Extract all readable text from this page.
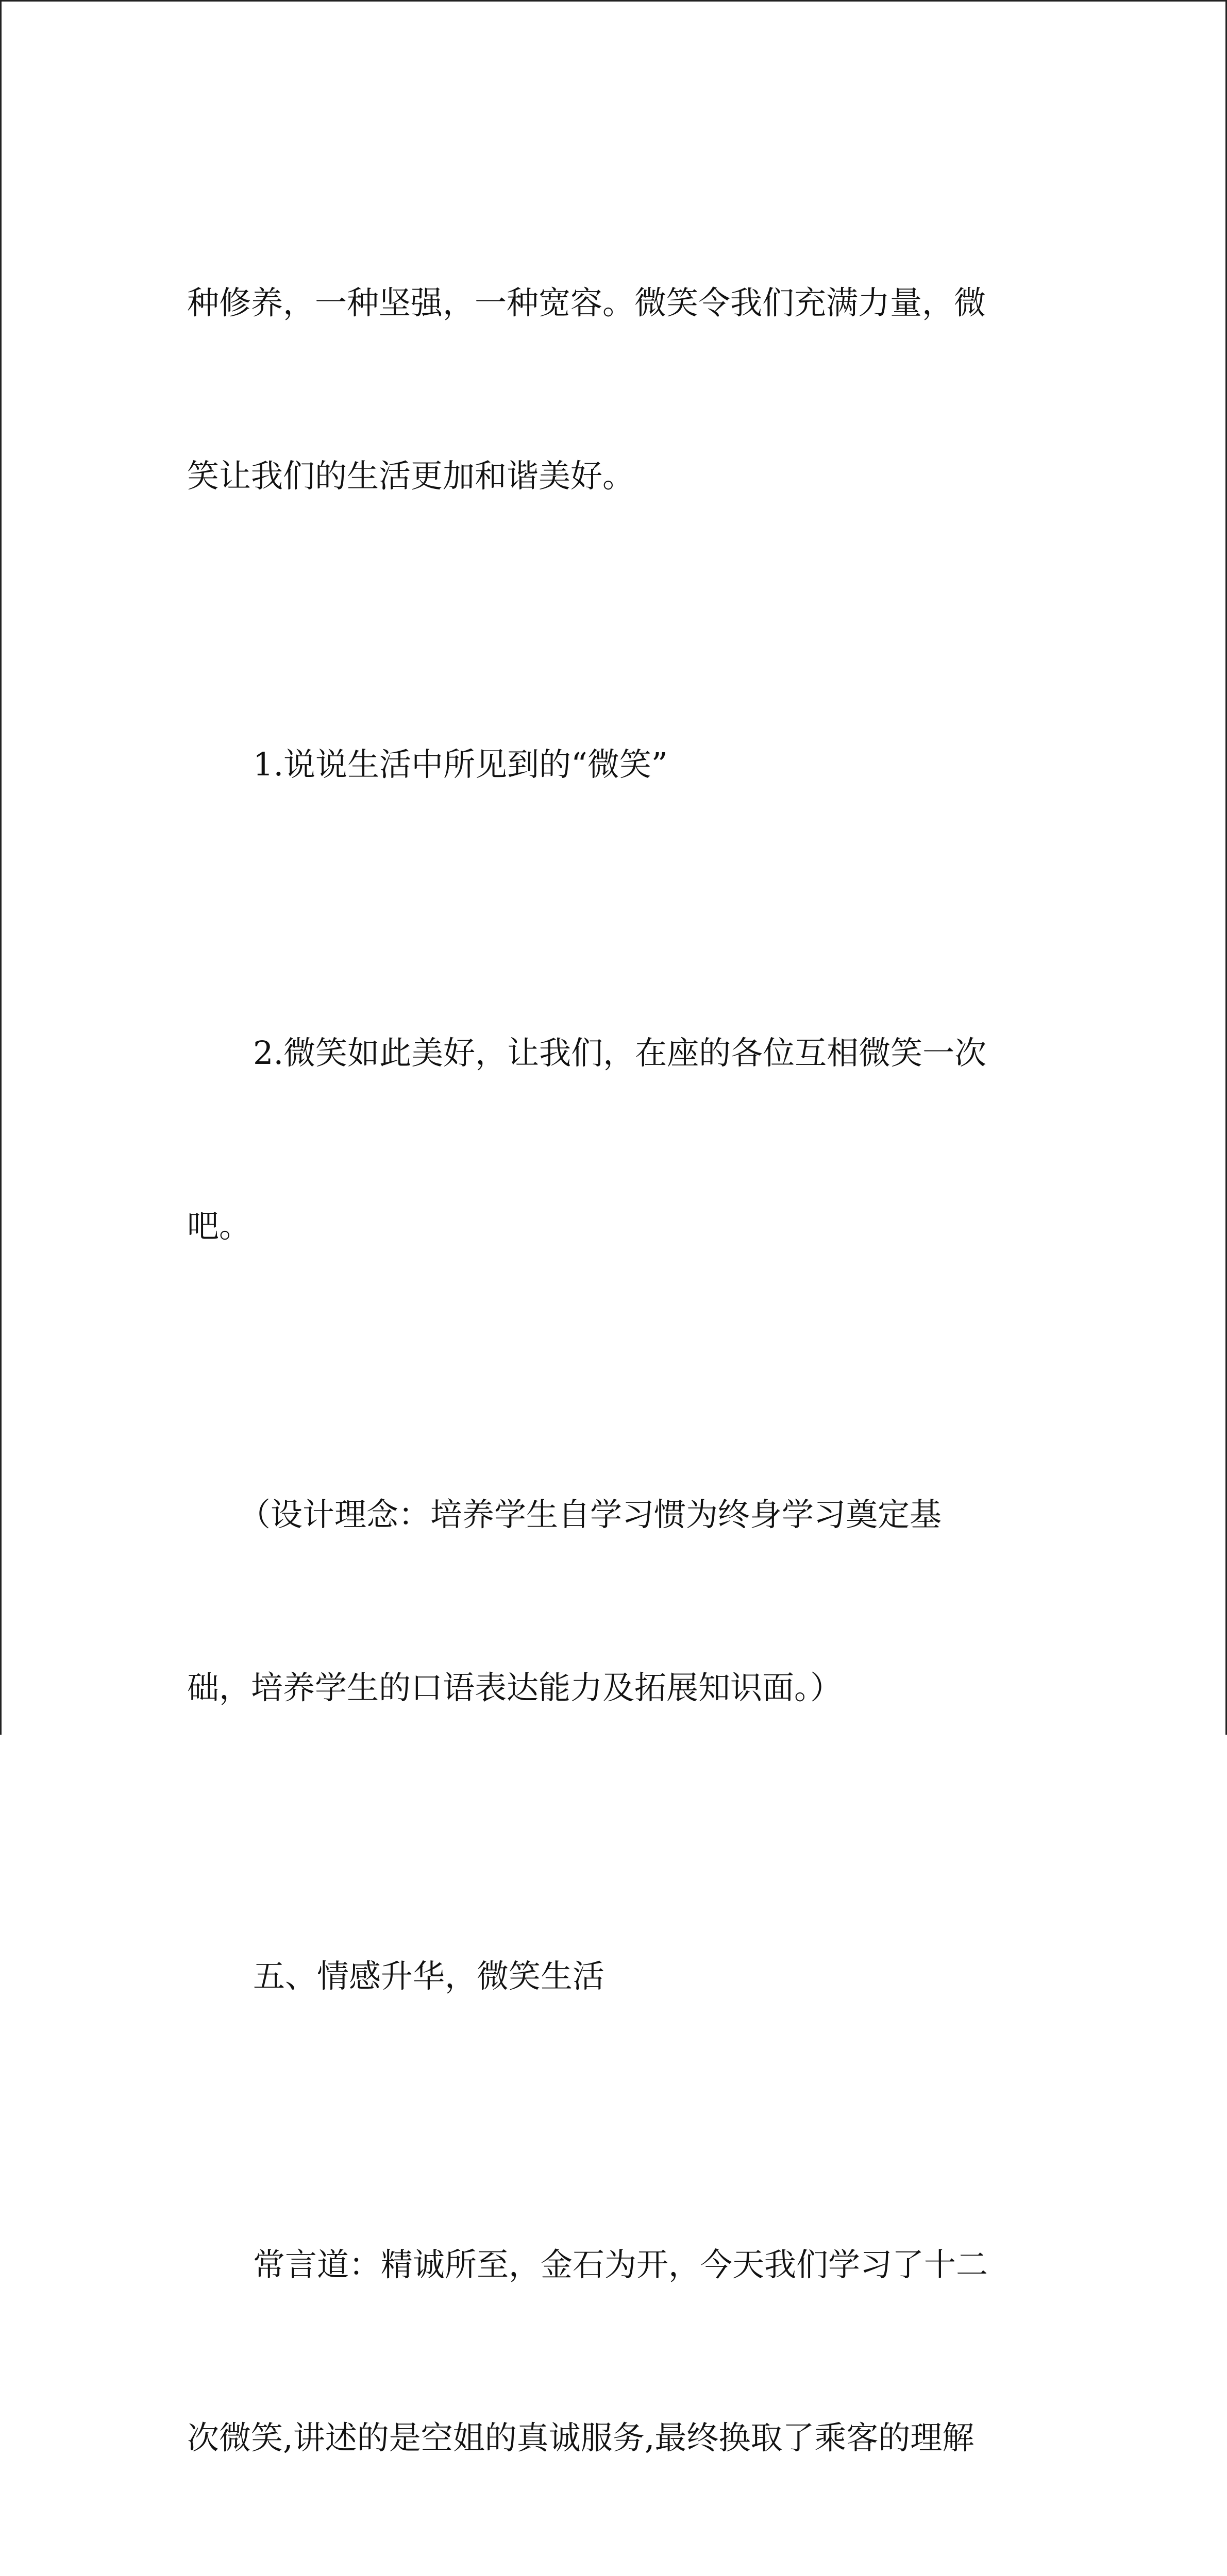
种修养，一种坚强，一种宽容。微笑令我们充满力量，微

笑让我们的生活更加和谐美好。

1.说说生活中所见到的“微笑”

2.微笑如此美好，让我们，在座的各位互相微笑一次

吧。

（设计理念：培养学生自学习惯为终身学习奠定基

础，培养学生的口语表达能力及拓展知识面。）

五、情感升华，微笑生活

常言道：精诚所至，金石为开，今天我们学习了十二

次微笑,讲述的是空姐的真诚服务,最终换取了乘客的理解
